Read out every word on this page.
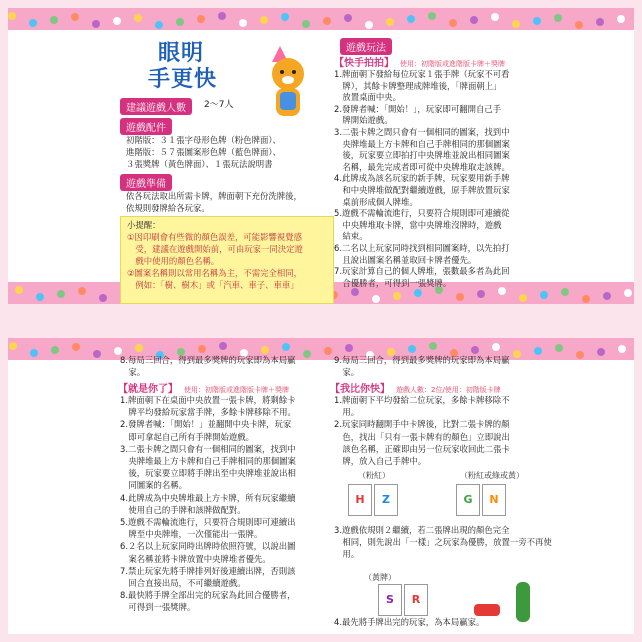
眼明
手更快
建議遊戲人數	2～7人
遊戲配件
初階版：３１張字母形色牌（粉色牌面）、
進階版：５７張圖案形色牌（藍色牌面）、
３張獎牌（黃色牌面）、１張玩法說明書
遊戲準備
依各玩法取出所需卡牌，牌面朝下充份洗牌後，
依規則發牌給各玩家。
小提醒：
①因印刷會有些微的顏色誤差，可能影響視覺感
　受，建議在遊戲開始前，可由玩家一同決定遊
　戲中使用的顏色名稱。
②圖案名稱則以常用名稱為主，不需完全相同，
　例如：「樹、樹木」或「汽車、車子、車車」
遊戲玩法
【快手拍拍】 使用：初階版或進階版卡牌＋獎牌
1.牌面朝下發給每位玩家１張手牌（玩家不可看
　牌），其餘卡牌整理成牌堆後，「牌面朝上」
　放置桌面中央。
2.發牌者喊：「開始！」，玩家即可翻開自己手
　牌開始遊戲。
3.二張卡牌之間只會有一個相同的圖案，找到中
　央牌堆最上方卡牌和自己手牌相同的那個圖案
　後，玩家要立即拍打中央牌堆並說出相同圖案
　名稱，最先完成者即可從中央牌堆取走該牌。
4.此牌成為該名玩家的新手牌，玩家要用新手牌
　和中央牌堆做配對繼續遊戲，原手牌放置玩家
　桌前形成個人牌堆。
5.遊戲不需輪流進行，只要符合規則即可連續從
　中央牌堆取卡牌，當中央牌堆沒牌時，遊戲
　結束。
6.二名以上玩家同時找到相同圖案時，以先拍打
　且說出圖案名稱並取回卡牌者優先。
7.玩家計算自己的個人牌堆，張數最多者為此回
　合優勝者，可得到一張獎牌。
8.每局三回合，得到最多獎牌的玩家即為本局贏
　家。
9.每局三回合，得到最多獎牌的玩家即為本局贏
　家。
【就是你了】 使用：初階版或進階版卡牌＋獎牌	【我比你快】 遊戲人數：2位/使用：初階版卡牌
（粉紅）	（粉紅或綠或黃）
H	Z	G	N
（黃牌）
S	R
4.最先將手牌出完的玩家，為本局贏家。
1.牌面朝下在桌面中央放置一張卡牌，將剩餘卡
　牌平均發給玩家當手牌，多餘卡牌移除不用。
2.發牌者喊：「開始！」並翻開中央卡牌，玩家
　即可拿起自己所有手牌開始遊戲。
3.二張卡牌之間只會有一個相同的圖案，找到中
　央牌堆最上方卡牌和自己手牌相同的那個圖案
　後，玩家要立即將手牌出至中央牌堆並說出相
　同圖案的名稱。
4.此牌成為中央牌堆最上方卡牌，所有玩家繼續
　使用自己的手牌和該牌做配對。
5.遊戲不需輪流進行，只要符合規則即可連續出
　牌至中央牌堆，一次僅能出一張牌。
6.２名以上玩家同時出牌時依照符號，以說出圖
　案名稱並將卡牌放置中央牌堆者優先。
7.禁止玩家先將手牌排列好後連續出牌，否則該
　回合直接出局，不可繼續遊戲。
8.最快將手牌全部出完的玩家為此回合優勝者，
　可得到一張獎牌。
1.牌面朝下平均發給二位玩家，多餘卡牌移除不
　用。
2.玩家同時翻開手中卡牌後，比對二張卡牌的顏
　色，找出「只有一張卡牌有的顏色」立即說出
　該色名稱，正確即由另一位玩家收回此二張卡
　牌，放入自己手牌中。
3.遊戲依規則２繼續，若二張牌出現的顏色完全
　相同，則先說出「一樣」之玩家為優勝，放置一旁不再使
　用。
